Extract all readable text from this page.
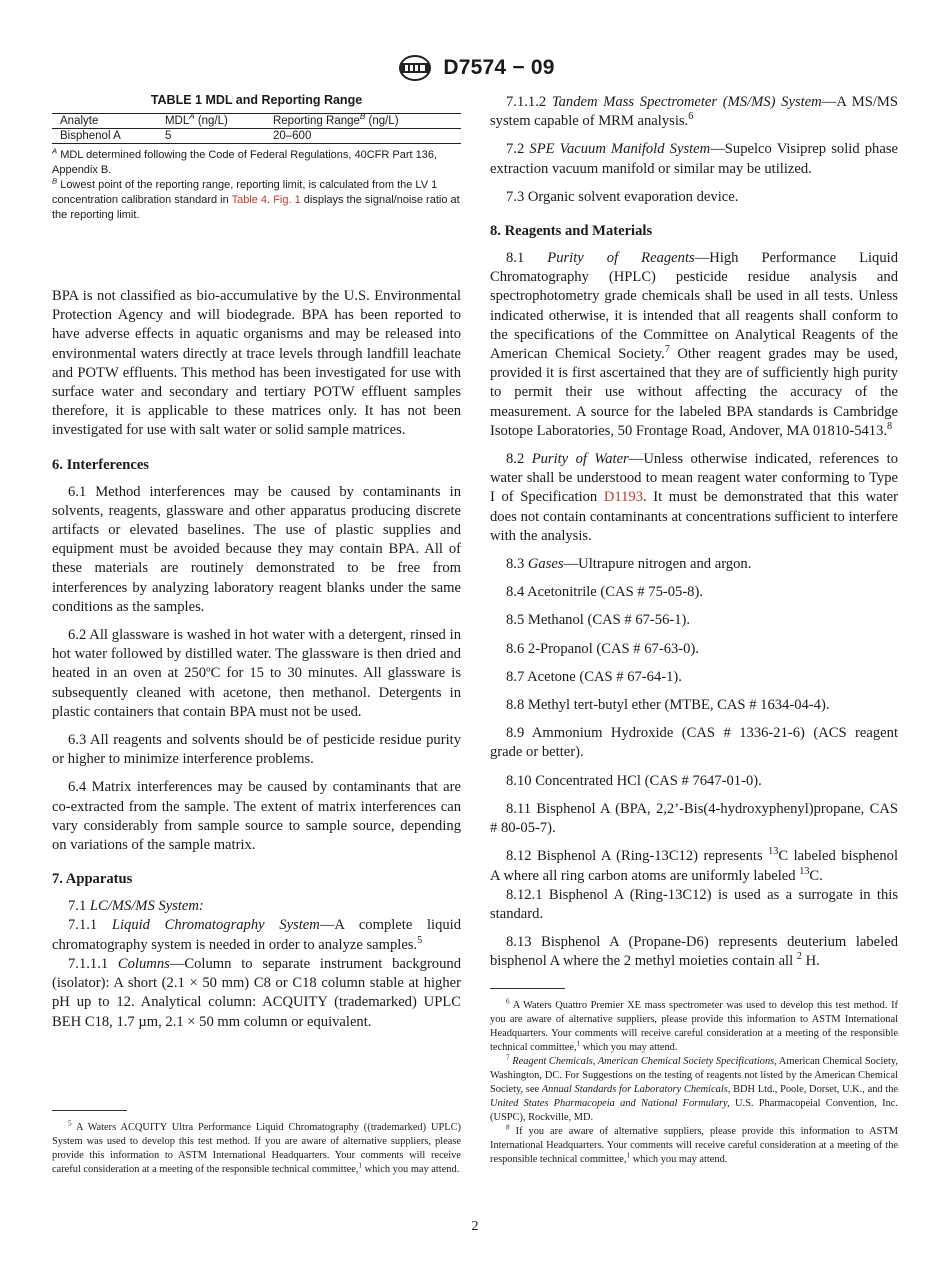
D7574 − 09
TABLE 1 MDL and Reporting Range
Analyte	$MDL^A$ (ng/L)	Reporting Range$^B$ (ng/L)
Bisphenol A	5	20–600

$^A$ MDL determined following the Code of Federal Regulations, 40CFR Part 136, Appendix B.

$^B$ Lowest point of the reporting range, reporting limit, is calculated from the LV 1 concentration calibration standard in Table 4. Fig. 1 displays the signal/noise ratio at the reporting limit.

BPA is not classified as bio-accumulative by the U.S. Environmental Protection Agency and will biodegrade. BPA has been reported to have adverse effects in aquatic organisms and may be released into environmental waters directly at trace levels through landfill leachate and POTW effluents. This method has been investigated for use with surface water and secondary and tertiary POTW effluent samples therefore, it is applicable to these matrices only. It has not been investigated for use with salt water or solid sample matrices.

6. Interferences

6.1 Method interferences may be caused by contaminants in solvents, reagents, glassware and other apparatus producing discrete artifacts or elevated baselines. The use of plastic supplies and equipment must be avoided because they may contain BPA. All of these materials are routinely demonstrated to be free from interferences by analyzing laboratory reagent blanks under the same conditions as the samples.

6.2 All glassware is washed in hot water with a detergent, rinsed in hot water followed by distilled water. The glassware is then dried and heated in an oven at 250ºC for 15 to 30 minutes. All glassware is subsequently cleaned with acetone, then methanol. Detergents in plastic containers that contain BPA must not be used.

6.3 All reagents and solvents should be of pesticide residue purity or higher to minimize interference problems.

6.4 Matrix interferences may be caused by contaminants that are co-extracted from the sample. The extent of matrix interferences can vary considerably from sample source to sample source, depending on variations of the sample matrix.

7. Apparatus

7.1 LC/MS/MS System:

7.1.1 Liquid Chromatography System—A complete liquid chromatography system is needed in order to analyze samples.$^5$

7.1.1.1 Columns—Column to separate instrument background (isolator): A short (2.1 × 50 mm) C8 or C18 column stable at higher pH up to 12. Analytical column: ACQUITY (trademarked) UPLC BEH C18, 1.7 µm, 2.1 × 50 mm column or equivalent.

$^5$ A Waters ACQUITY Ultra Performance Liquid Chromatography ((trademarked) UPLC) System was used to develop this test method. If you are aware of alternative suppliers, please provide this information to ASTM International Headquarters. Your comments will receive careful consideration at a meeting of the responsible technical committee,$^1$ which you may attend.

7.1.1.2 Tandem Mass Spectrometer (MS/MS) System—A MS/MS system capable of MRM analysis.$^6$

7.2 SPE Vacuum Manifold System—Supelco Visiprep solid phase extraction vacuum manifold or similar may be utilized.

7.3 Organic solvent evaporation device.

8. Reagents and Materials

8.1 Purity of Reagents—High Performance Liquid Chromatography (HPLC) pesticide residue analysis and spectrophotometry grade chemicals shall be used in all tests. Unless indicated otherwise, it is intended that all reagents shall conform to the specifications of the Committee on Analytical Reagents of the American Chemical Society.$^7$ Other reagent grades may be used, provided it is first ascertained that they are of sufficiently high purity to permit their use without affecting the accuracy of the measurement. A source for the labeled BPA standards is Cambridge Isotope Laboratories, 50 Frontage Road, Andover, MA 01810-5413.$^8$

8.2 Purity of Water—Unless otherwise indicated, references to water shall be understood to mean reagent water conforming to Type I of Specification D1193. It must be demonstrated that this water does not contain contaminants at concentrations sufficient to interfere with the analysis.

8.3 Gases—Ultrapure nitrogen and argon.

8.4 Acetonitrile (CAS # 75-05-8).

8.5 Methanol (CAS # 67-56-1).

8.6 2-Propanol (CAS # 67-63-0).

8.7 Acetone (CAS # 67-64-1).

8.8 Methyl tert-butyl ether (MTBE, CAS # 1634-04-4).

8.9 Ammonium Hydroxide (CAS # 1336-21-6) (ACS reagent grade or better).

8.10 Concentrated HCl (CAS # 7647-01-0).

8.11 Bisphenol A (BPA, 2,2’-Bis(4-hydroxyphenyl)propane, CAS # 80-05-7).

8.12 Bisphenol A (Ring-13C12) represents $^{13}$C labeled bisphenol A where all ring carbon atoms are uniformly labeled $^{13}$C.

8.12.1 Bisphenol A (Ring-13C12) is used as a surrogate in this standard.

8.13 Bisphenol A (Propane-D6) represents deuterium labeled bisphenol A where the 2 methyl moieties contain all $^2$ H.

$^6$ A Waters Quattro Premier XE mass spectrometer was used to develop this test method. If you are aware of alternative suppliers, please provide this information to ASTM International Headquarters. Your comments will receive careful consideration at a meeting of the responsible technical committee,$^1$ which you may attend.

$^7$ Reagent Chemicals, American Chemical Society Specifications, American Chemical Society, Washington, DC. For Suggestions on the testing of reagents not listed by the American Chemical Society, see Annual Standards for Laboratory Chemicals, BDH Ltd., Poole, Dorset, U.K., and the United States Pharmacopeia and National Formulary, U.S. Pharmacopeial Convention, Inc. (USPC), Rockville, MD.

$^8$ If you are aware of alternative suppliers, please provide this information to ASTM International Headquarters. Your comments will receive careful consideration at a meeting of the responsible technical committee,$^1$ which you may attend.

2
